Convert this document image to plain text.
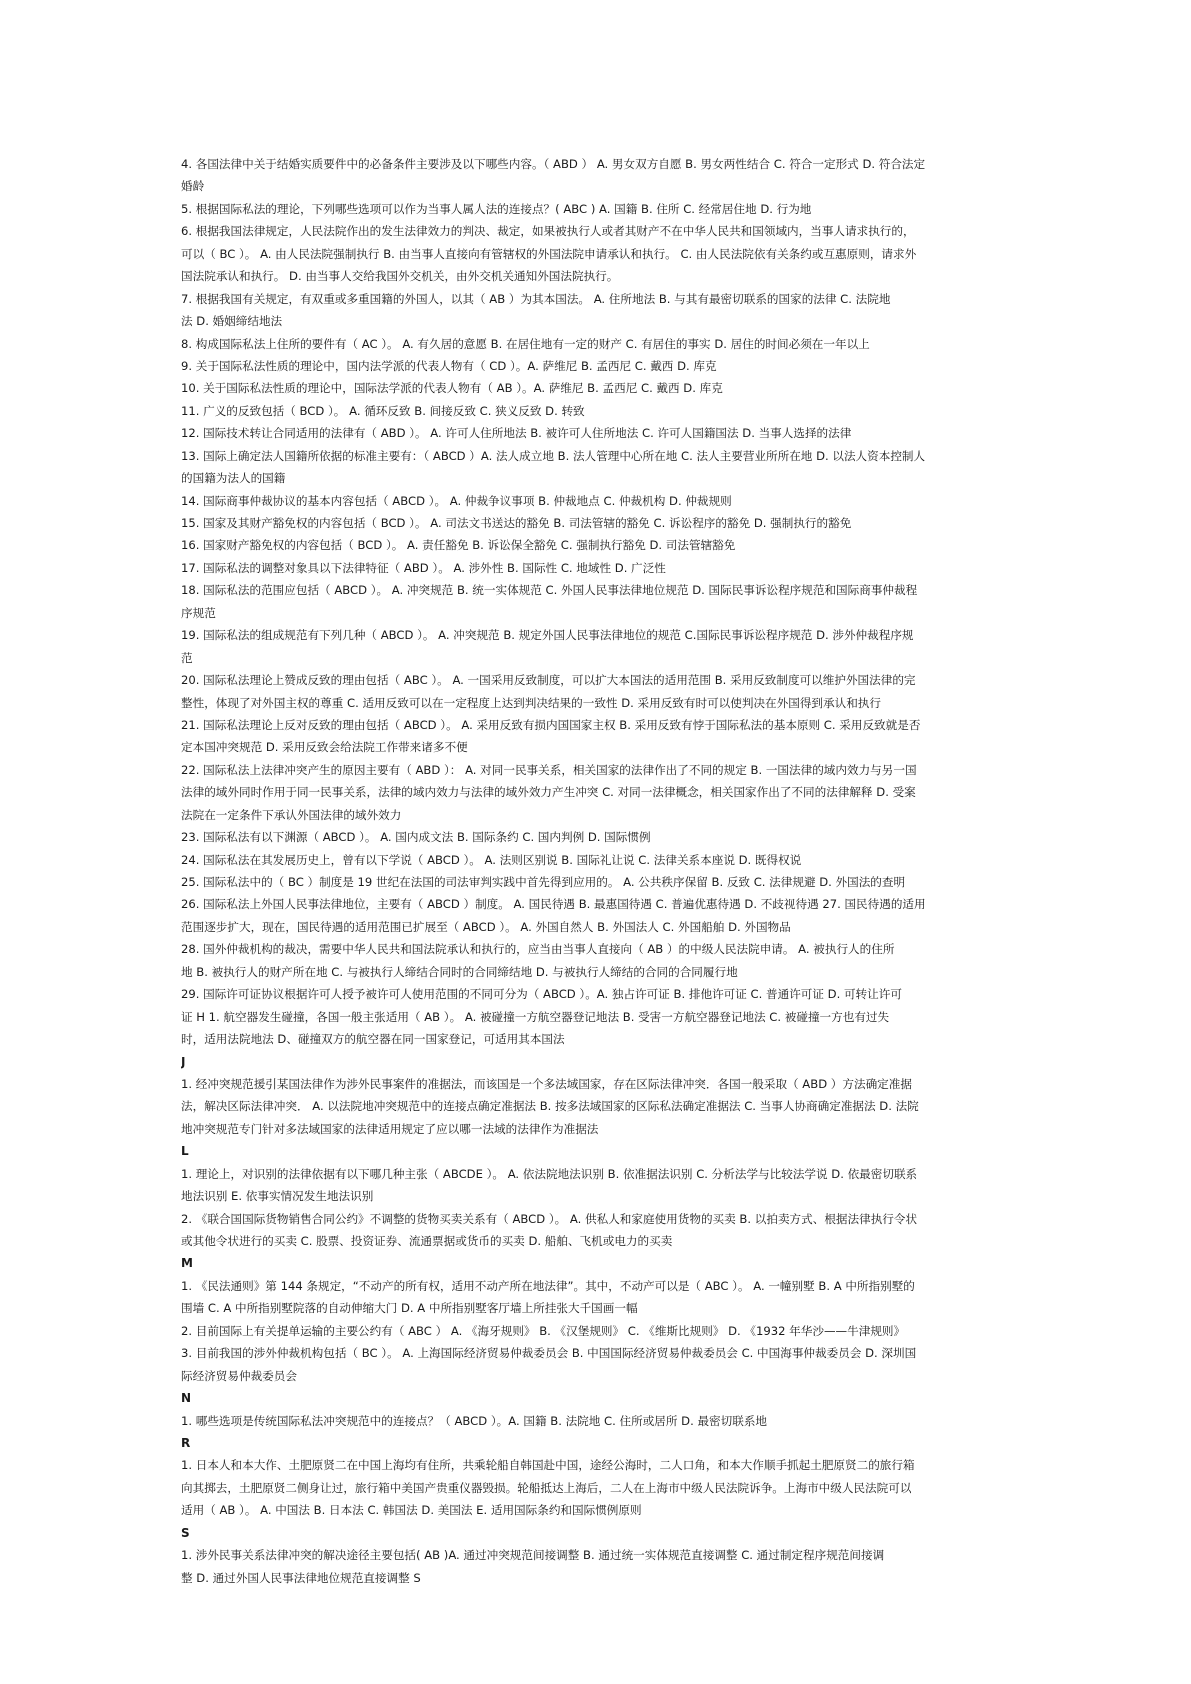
4. 各国法律中关于结婚实质要件中的必备条件主要涉及以下哪些内容。（ ABD ） A. 男女双方自愿 B. 男女两性结合 C. 符合一定形式 D. 符合法定
婚龄
5. 根据国际私法的理论，下列哪些选项可以作为当事人属人法的连接点？( ABC ) A. 国籍 B. 住所 C. 经常居住地 D. 行为地
6. 根据我国法律规定，人民法院作出的发生法律效力的判决、裁定，如果被执行人或者其财产不在中华人民共和国领域内，当事人请求执行的，
可以（ BC ）。 A. 由人民法院强制执行 B. 由当事人直接向有管辖权的外国法院申请承认和执行。 C. 由人民法院依有关条约或互惠原则，请求外
国法院承认和执行。 D. 由当事人交给我国外交机关，由外交机关通知外国法院执行。
7. 根据我国有关规定，有双重或多重国籍的外国人，以其（ AB ）为其本国法。 A. 住所地法 B. 与其有最密切联系的国家的法律 C. 法院地
法 D. 婚姻缔结地法
8. 构成国际私法上住所的要件有（ AC ）。 A. 有久居的意愿 B. 在居住地有一定的财产 C. 有居住的事实 D. 居住的时间必须在一年以上
9. 关于国际私法性质的理论中，国内法学派的代表人物有（ CD ）。A. 萨维尼 B. 孟西尼 C. 戴西 D. 库克
10. 关于国际私法性质的理论中，国际法学派的代表人物有（ AB ）。A. 萨维尼 B. 孟西尼 C. 戴西 D. 库克
11. 广义的反致包括（ BCD ）。 A. 循环反致 B. 间接反致 C. 狭义反致 D. 转致
12. 国际技术转让合同适用的法律有（ ABD ）。 A. 许可人住所地法 B. 被许可人住所地法 C. 许可人国籍国法 D. 当事人选择的法律
13. 国际上确定法人国籍所依据的标准主要有：（ ABCD ）A. 法人成立地 B. 法人管理中心所在地 C. 法人主要营业所所在地 D. 以法人资本控制人
的国籍为法人的国籍
14. 国际商事仲裁协议的基本内容包括（ ABCD ）。 A. 仲裁争议事项 B. 仲裁地点 C. 仲裁机构 D. 仲裁规则
15. 国家及其财产豁免权的内容包括（ BCD ）。 A. 司法文书送达的豁免 B. 司法管辖的豁免 C. 诉讼程序的豁免 D. 强制执行的豁免
16. 国家财产豁免权的内容包括（ BCD ）。 A. 责任豁免 B. 诉讼保全豁免 C. 强制执行豁免 D. 司法管辖豁免
17. 国际私法的调整对象具以下法律特征（ ABD ）。 A. 涉外性 B. 国际性 C. 地域性 D. 广泛性
18. 国际私法的范围应包括（ ABCD ）。 A. 冲突规范 B. 统一实体规范 C. 外国人民事法律地位规范 D. 国际民事诉讼程序规范和国际商事仲裁程
序规范
19. 国际私法的组成规范有下列几种（ ABCD ）。 A. 冲突规范 B. 规定外国人民事法律地位的规范 C.国际民事诉讼程序规范 D. 涉外仲裁程序规
范
20. 国际私法理论上赞成反致的理由包括（ ABC ）。 A. 一国采用反致制度，可以扩大本国法的适用范围 B. 采用反致制度可以维护外国法律的完
整性，体现了对外国主权的尊重 C. 适用反致可以在一定程度上达到判决结果的一致性 D. 采用反致有时可以使判决在外国得到承认和执行
21. 国际私法理论上反对反致的理由包括（ ABCD ）。 A. 采用反致有损内国国家主权 B. 采用反致有悖于国际私法的基本原则 C. 采用反致就是否
定本国冲突规范 D. 采用反致会给法院工作带来诸多不便
22. 国际私法上法律冲突产生的原因主要有（ ABD ）： A. 对同一民事关系，相关国家的法律作出了不同的规定 B. 一国法律的域内效力与另一国
法律的域外同时作用于同一民事关系，法律的域内效力与法律的域外效力产生冲突 C. 对同一法律概念，相关国家作出了不同的法律解释 D. 受案
法院在一定条件下承认外国法律的域外效力
23. 国际私法有以下渊源（ ABCD ）。 A. 国内成文法 B. 国际条约 C. 国内判例 D. 国际惯例
24. 国际私法在其发展历史上，曾有以下学说（ ABCD ）。 A. 法则区别说 B. 国际礼让说 C. 法律关系本座说 D. 既得权说
25. 国际私法中的（ BC ）制度是 19 世纪在法国的司法审判实践中首先得到应用的。 A. 公共秩序保留 B. 反致 C. 法律规避 D. 外国法的查明
26. 国际私法上外国人民事法律地位，主要有（ ABCD ）制度。 A. 国民待遇 B. 最惠国待遇 C. 普遍优惠待遇 D. 不歧视待遇 27. 国民待遇的适用
范围逐步扩大，现在，国民待遇的适用范围已扩展至（ ABCD ）。 A. 外国自然人 B. 外国法人 C. 外国船舶 D. 外国物品
28. 国外仲裁机构的裁决，需要中华人民共和国法院承认和执行的，应当由当事人直接向（ AB ）的中级人民法院申请。 A. 被执行人的住所
地 B. 被执行人的财产所在地 C. 与被执行人缔结合同时的合同缔结地 D. 与被执行人缔结的合同的合同履行地
29. 国际许可证协议根据许可人授予被许可人使用范围的不同可分为（ ABCD ）。A. 独占许可证 B. 排他许可证 C. 普通许可证 D. 可转让许可
证 H 1. 航空器发生碰撞，各国一般主张适用（ AB ）。 A. 被碰撞一方航空器登记地法 B. 受害一方航空器登记地法 C. 被碰撞一方也有过失
时，适用法院地法 D、碰撞双方的航空器在同一国家登记，可适用其本国法
J
1. 经冲突规范援引某国法律作为涉外民事案件的准据法，而该国是一个多法域国家，存在区际法律冲突．各国一般采取（ ABD ）方法确定准据
法，解决区际法律冲突． A. 以法院地冲突规范中的连接点确定准据法 B. 按多法域国家的区际私法确定准据法 C. 当事人协商确定准据法 D. 法院
地冲突规范专门针对多法域国家的法律适用规定了应以哪一法域的法律作为准据法
L
1. 理论上，对识别的法律依据有以下哪几种主张（ ABCDE ）。 A. 依法院地法识别 B. 依准据法识别 C. 分析法学与比较法学说 D. 依最密切联系
地法识别 E. 依事实情况发生地法识别
2. 《联合国国际货物销售合同公约》不调整的货物买卖关系有（ ABCD ）。 A. 供私人和家庭使用货物的买卖 B. 以拍卖方式、根据法律执行令状
或其他令状进行的买卖 C. 股票、投资证券、流通票据或货币的买卖 D. 船舶、飞机或电力的买卖
M
1. 《民法通则》第 144 条规定，“不动产的所有权，适用不动产所在地法律”。其中，不动产可以是（ ABC ）。 A. 一幢别墅 B. A 中所指别墅的
围墙 C. A 中所指别墅院落的自动伸缩大门 D. A 中所指别墅客厅墙上所挂张大千国画一幅
2. 目前国际上有关提单运输的主要公约有（ ABC ） A. 《海牙规则》 B. 《汉堡规则》 C. 《维斯比规则》 D. 《1932 年华沙——牛津规则》
3. 目前我国的涉外仲裁机构包括（ BC ）。 A. 上海国际经济贸易仲裁委员会 B. 中国国际经济贸易仲裁委员会 C. 中国海事仲裁委员会 D. 深圳国
际经济贸易仲裁委员会
N
1. 哪些选项是传统国际私法冲突规范中的连接点？（ ABCD ）。A. 国籍 B. 法院地 C. 住所或居所 D. 最密切联系地
R
1. 日本人和本大作、土肥原贤二在中国上海均有住所，共乘轮船自韩国赴中国，途经公海时，二人口角，和本大作顺手抓起土肥原贤二的旅行箱
向其掷去，土肥原贤二侧身让过，旅行箱中美国产贵重仪器毁损。轮船抵达上海后，二人在上海市中级人民法院诉争。上海市中级人民法院可以
适用（ AB ）。 A. 中国法 B. 日本法 C. 韩国法 D. 美国法 E. 适用国际条约和国际惯例原则
S
1. 涉外民事关系法律冲突的解决途径主要包括( AB )A. 通过冲突规范间接调整 B. 通过统一实体规范直接调整 C. 通过制定程序规范间接调
整 D. 通过外国人民事法律地位规范直接调整 S
